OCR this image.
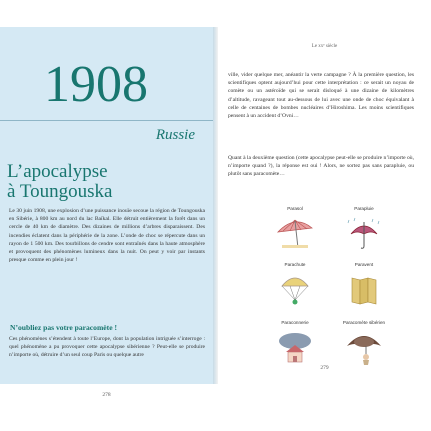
1908
Russie
L’apocalypse
à Toungouska

Le 30 juin 1908, une explosion d’une puissance inouïe secoue la région de Toungouska en Sibérie, à 800 km au nord du lac Baïkal. Elle détruit entièrement la forêt dans un cercle de 40 km de diamètre. Des dizaines de millions d’arbres disparaissent. Des incendies éclatent dans la périphérie de la zone. L’onde de choc se répercute dans un rayon de 1 500 km. Des tourbillons de cendre sont entraînés dans la haute atmosphère et provoquent des phénomènes lumineux dans la nuit. On peut y voir par instants presque comme en plein jour !

N’oubliez pas votre paracomète !

Ces phénomènes s’étendent à toute l’Europe, dont la population intriguée s’interroge : quel phénomène a pu provoquer cette apocalypse sibérienne ? Peut-elle se produire n’importe où, détruire d’un seul coup Paris ou quelque autre

278
Le xxᵉ siècle

ville, vider quelque mer, anéantir la verte campagne ? À la première question, les scientifiques optent aujourd’hui pour cette interprétation : ce serait un noyau de comète ou un astéroïde qui se serait disloqué à une dizaine de kilomètres d’altitude, ravageant tout au-dessous de lui avec une onde de choc équivalant à celle de centaines de bombes nucléaires d’Hiroshima. Les moins scientifiques pensent à un accident d’Ovni…

Quant à la deuxième question (cette apocalypse peut-elle se produire n’importe où, n’importe quand ?), la réponse est oui ! Alors, ne sortez pas sans parapluie, ou plutôt sans paracomète…

Parasol	Parapluie
Parachute	Paravent
Paraconnerie	Paracomète sibérien
279
